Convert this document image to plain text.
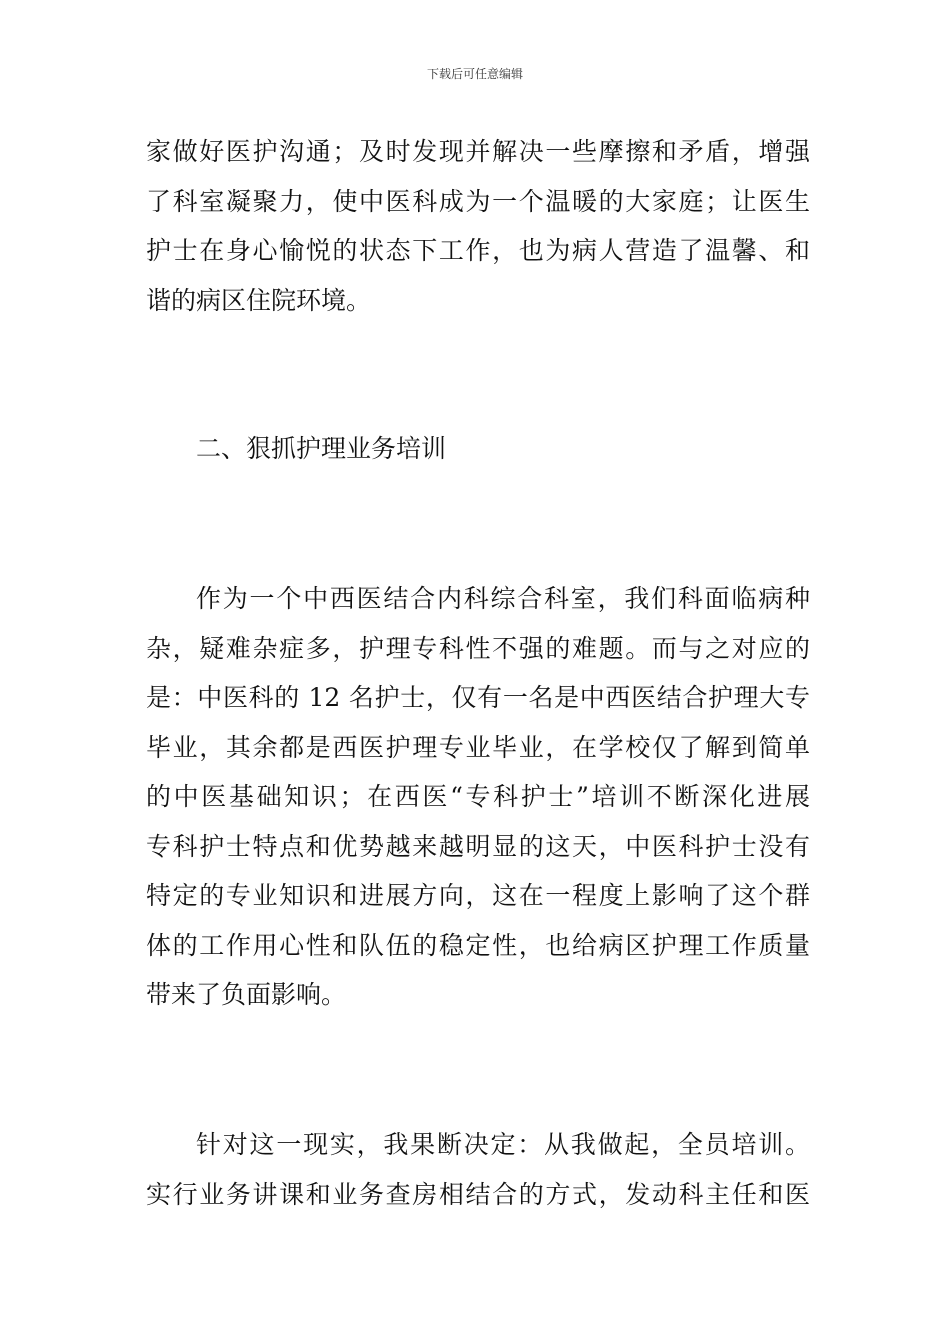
下载后可任意编辑
家做好医护沟通；及时发现并解决一些摩擦和矛盾，增强
了科室凝聚力，使中医科成为一个温暖的大家庭；让医生
护士在身心愉悦的状态下工作，也为病人营造了温馨、和
谐的病区住院环境。
二、狠抓护理业务培训
作为一个中西医结合内科综合科室，我们科面临病种
杂，疑难杂症多，护理专科性不强的难题。而与之对应的
是：中医科的 12 名护士，仅有一名是中西医结合护理大专
毕业，其余都是西医护理专业毕业，在学校仅了解到简单
的中医基础知识；在西医“专科护士”培训不断深化进展
专科护士特点和优势越来越明显的这天，中医科护士没有
特定的专业知识和进展方向，这在一程度上影响了这个群
体的工作用心性和队伍的稳定性，也给病区护理工作质量
带来了负面影响。
针对这一现实，我果断决定：从我做起，全员培训。
实行业务讲课和业务查房相结合的方式，发动科主任和医
